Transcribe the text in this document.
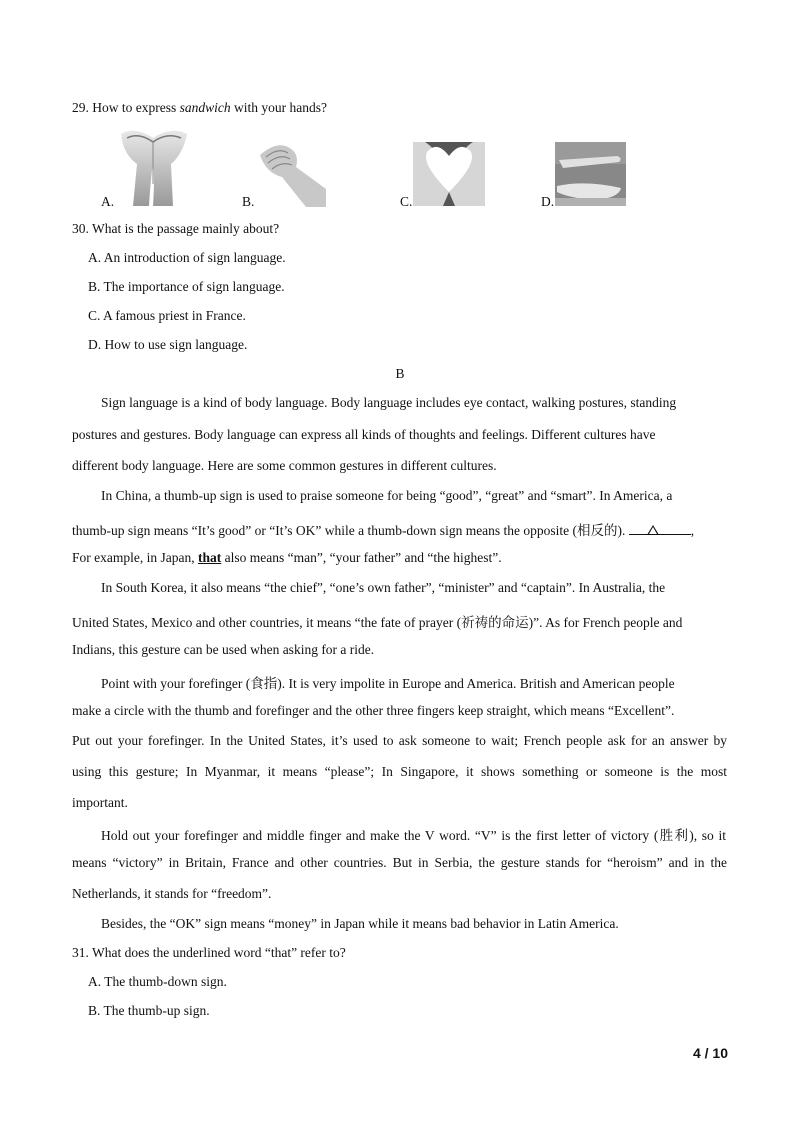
29. How to express sandwich with your hands?
A.	B.	C.	D.
30. What is the passage mainly about?
A. An introduction of sign language.
B. The importance of sign language.
C. A famous priest in France.
D. How to use sign language.
B
Sign language is a kind of body language. Body language includes eye contact, walking postures, standing
postures and gestures. Body language can express all kinds of thoughts and feelings. Different cultures have
different body language. Here are some common gestures in different cultures.
In China, a thumb-up sign is used to praise someone for being “good”, “great” and “smart”. In America, a
thumb-up sign means “It’s good” or “It’s OK” while a thumb-down sign means the opposite (相反的).	,
For example, in Japan, that also means “man”, “your father” and “the highest”.
In South Korea, it also means “the chief”, “one’s own father”, “minister” and “captain”. In Australia, the
United States, Mexico and other countries, it means “the fate of prayer (祈祷的命运)”. As for French people and
Indians, this gesture can be used when asking for a ride.
Point with your forefinger (食指). It is very impolite in Europe and America. British and American people
make a circle with the thumb and forefinger and the other three fingers keep straight, which means “Excellent”.
Put out your forefinger. In the United States, it’s used to ask someone to wait; French people ask for an answer by
using this gesture; In Myanmar, it means “please”; In Singapore, it shows something or someone is the most
important.
Hold out your forefinger and middle finger and make the V word. “V” is the first letter of victory (胜利), so it
means “victory” in Britain, France and other countries. But in Serbia, the gesture stands for “heroism” and in the
Netherlands, it stands for “freedom”.
Besides, the “OK” sign means “money” in Japan while it means bad behavior in Latin America.
31. What does the underlined word “that” refer to?
A. The thumb-down sign.
B. The thumb-up sign.
4 / 10
